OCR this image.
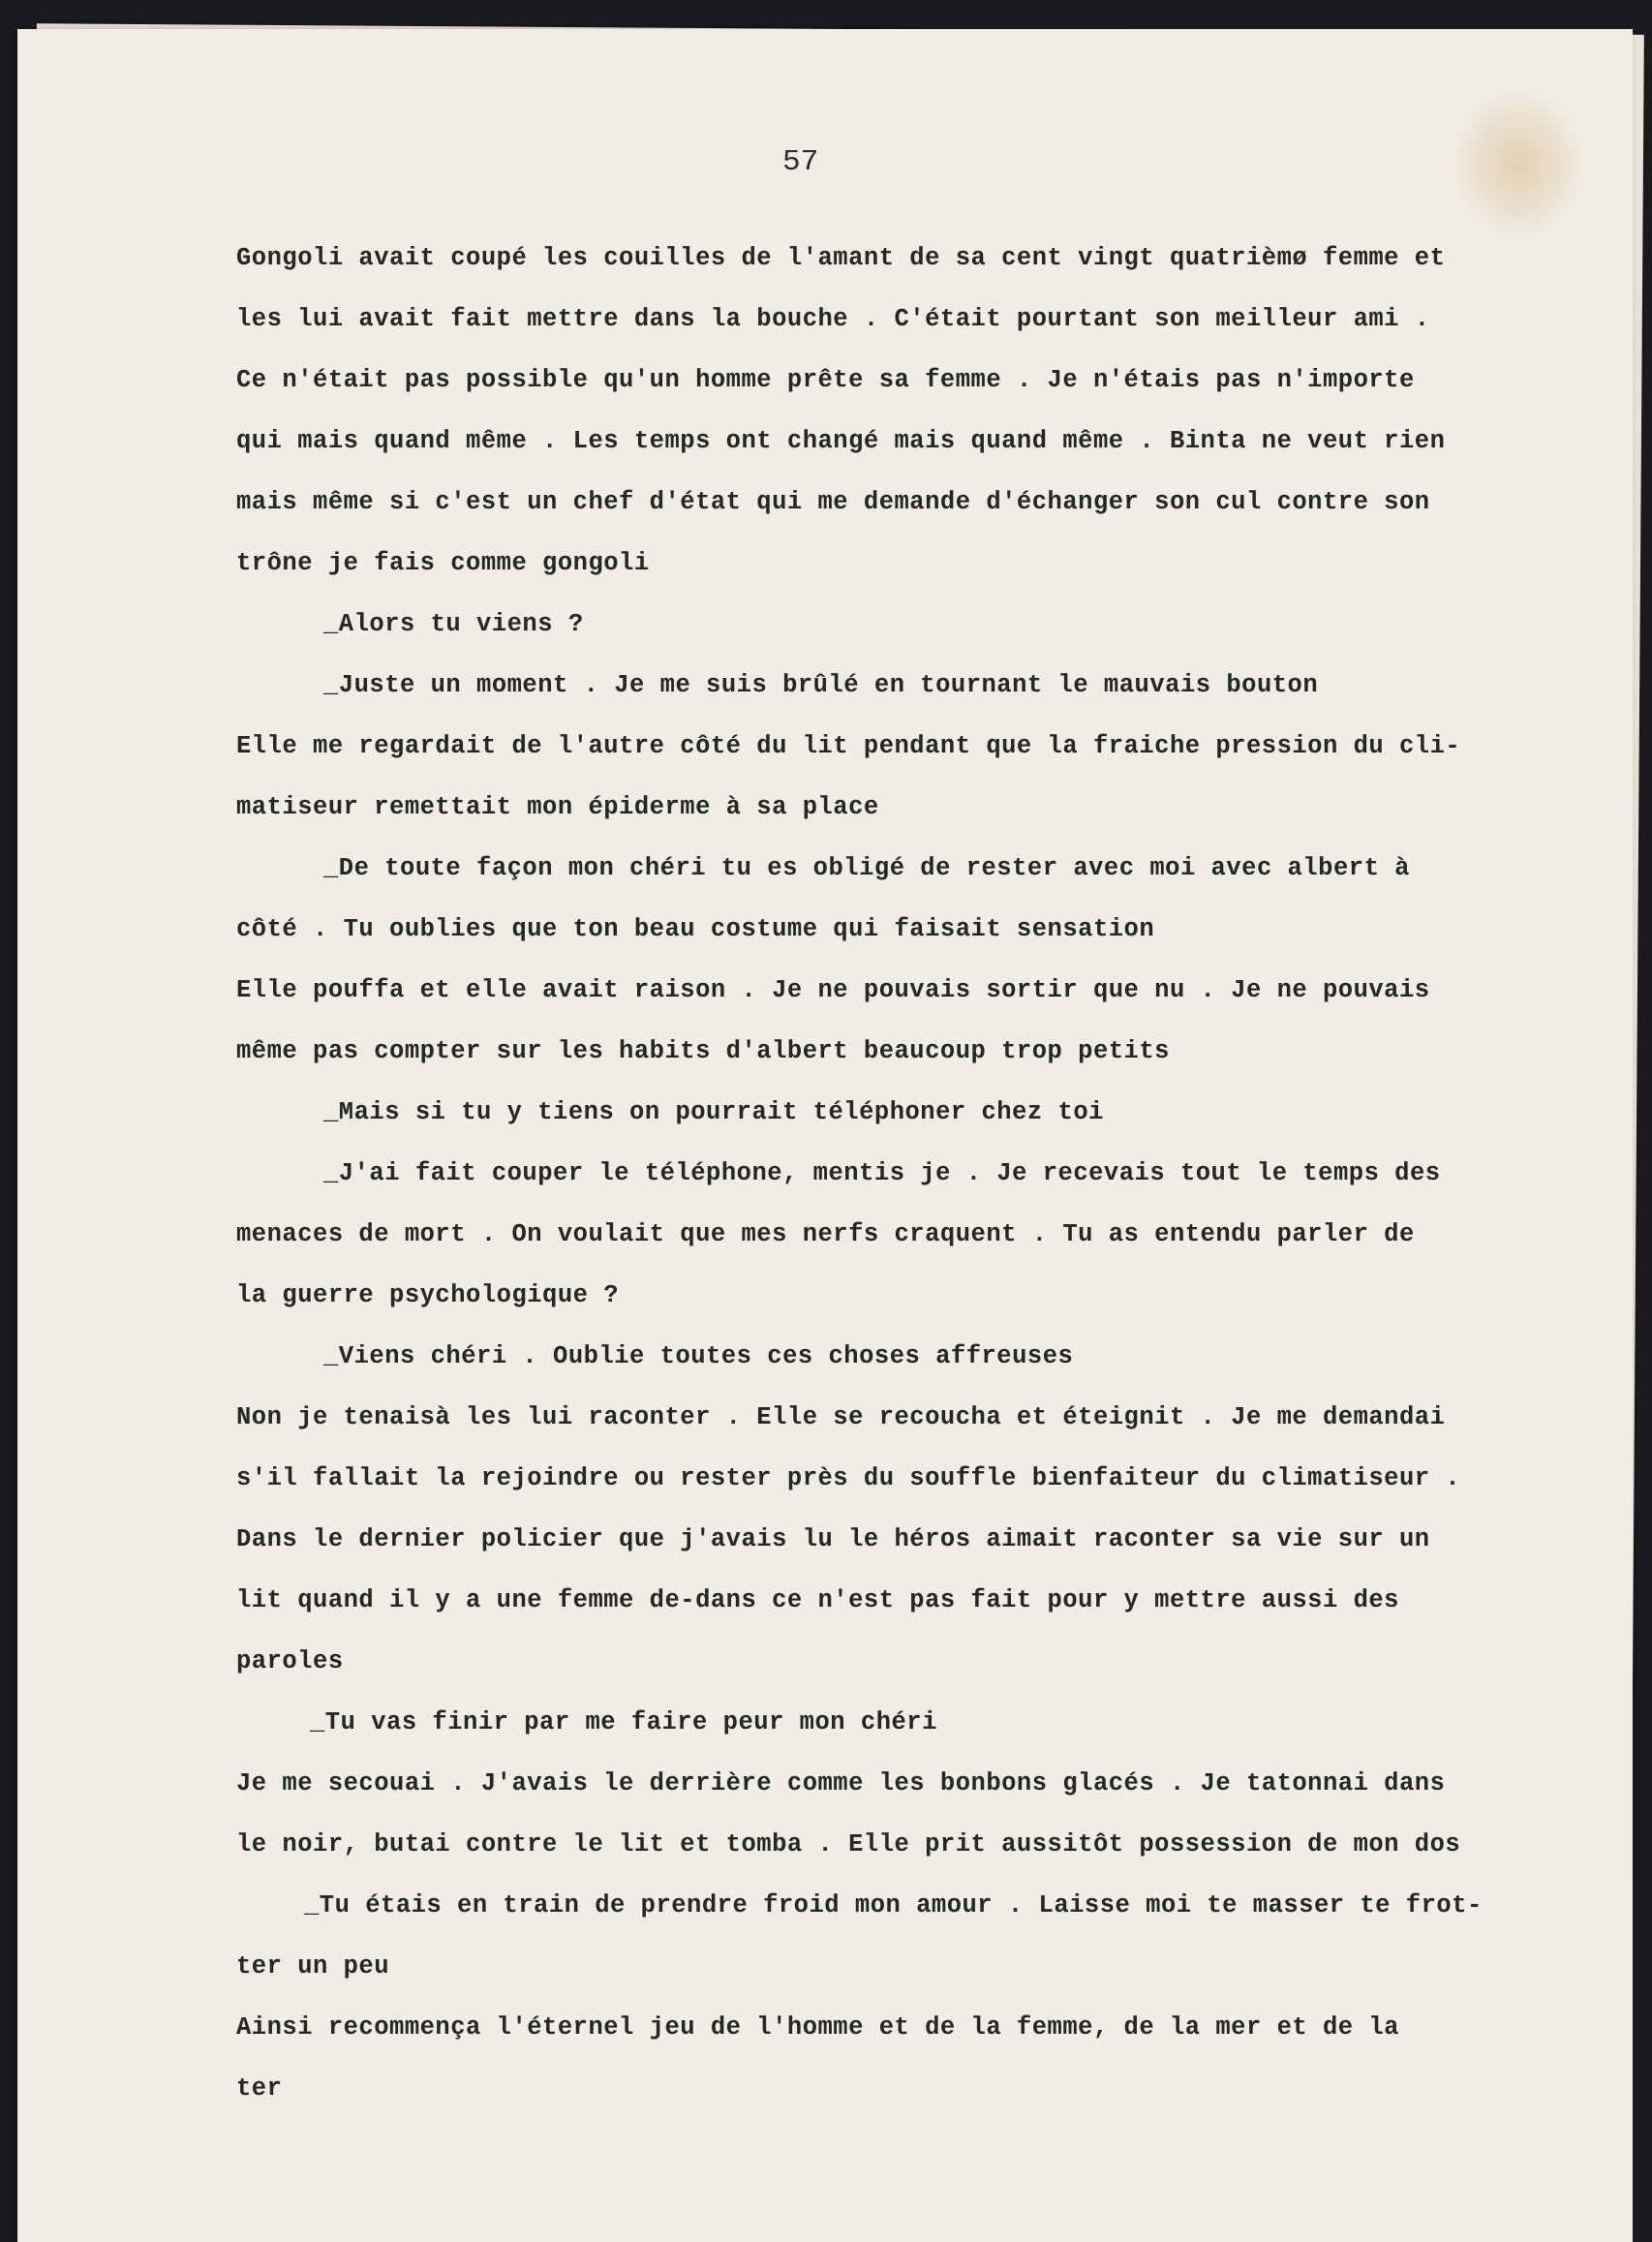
57
Gongoli avait coupé les couilles de l'amant de sa cent vingt quatrièmø femme et
les lui avait fait mettre dans la bouche . C'était pourtant son meilleur ami .
Ce n'était pas possible qu'un homme prête sa femme . Je n'étais pas n'importe
qui mais quand même . Les temps ont changé mais quand même . Binta ne veut rien
mais même si c'est un chef d'état qui me demande d'échanger son cul contre son
trône je fais comme gongoli
_Alors tu viens ?
_Juste un moment . Je me suis brûlé en tournant le mauvais bouton
Elle me regardait de l'autre côté du lit pendant que la fraiche pression du cli-
matiseur remettait mon épiderme à sa place
_De toute façon mon chéri tu es obligé de rester avec moi avec albert à
côté . Tu oublies que ton beau costume qui faisait sensation
Elle pouffa et elle avait raison . Je ne pouvais sortir que nu . Je ne pouvais
même pas compter sur les habits d'albert beaucoup trop petits
_Mais si tu y tiens on pourrait téléphoner chez toi
_J'ai fait couper le téléphone, mentis je . Je recevais tout le temps des
menaces de mort . On voulait que mes nerfs craquent . Tu as entendu parler de
la guerre psychologique ?
_Viens chéri . Oublie toutes ces choses affreuses
Non je tenaisà les lui raconter . Elle se recoucha et éteignit . Je me demandai
s'il fallait la rejoindre ou rester près du souffle bienfaiteur du climatiseur .
Dans le dernier policier que j'avais lu le héros aimait raconter sa vie sur un
lit quand il y a une femme de-dans ce n'est pas fait pour y mettre aussi des
paroles
_Tu vas finir par me faire peur mon chéri
Je me secouai . J'avais le derrière comme les bonbons glacés . Je tatonnai dans
le noir, butai contre le lit et tomba . Elle prit aussitôt possession de mon dos
_Tu étais en train de prendre froid mon amour . Laisse moi te masser te frot-
ter un peu
Ainsi recommença l'éternel jeu de l'homme et de la femme, de la mer et de la
ter
